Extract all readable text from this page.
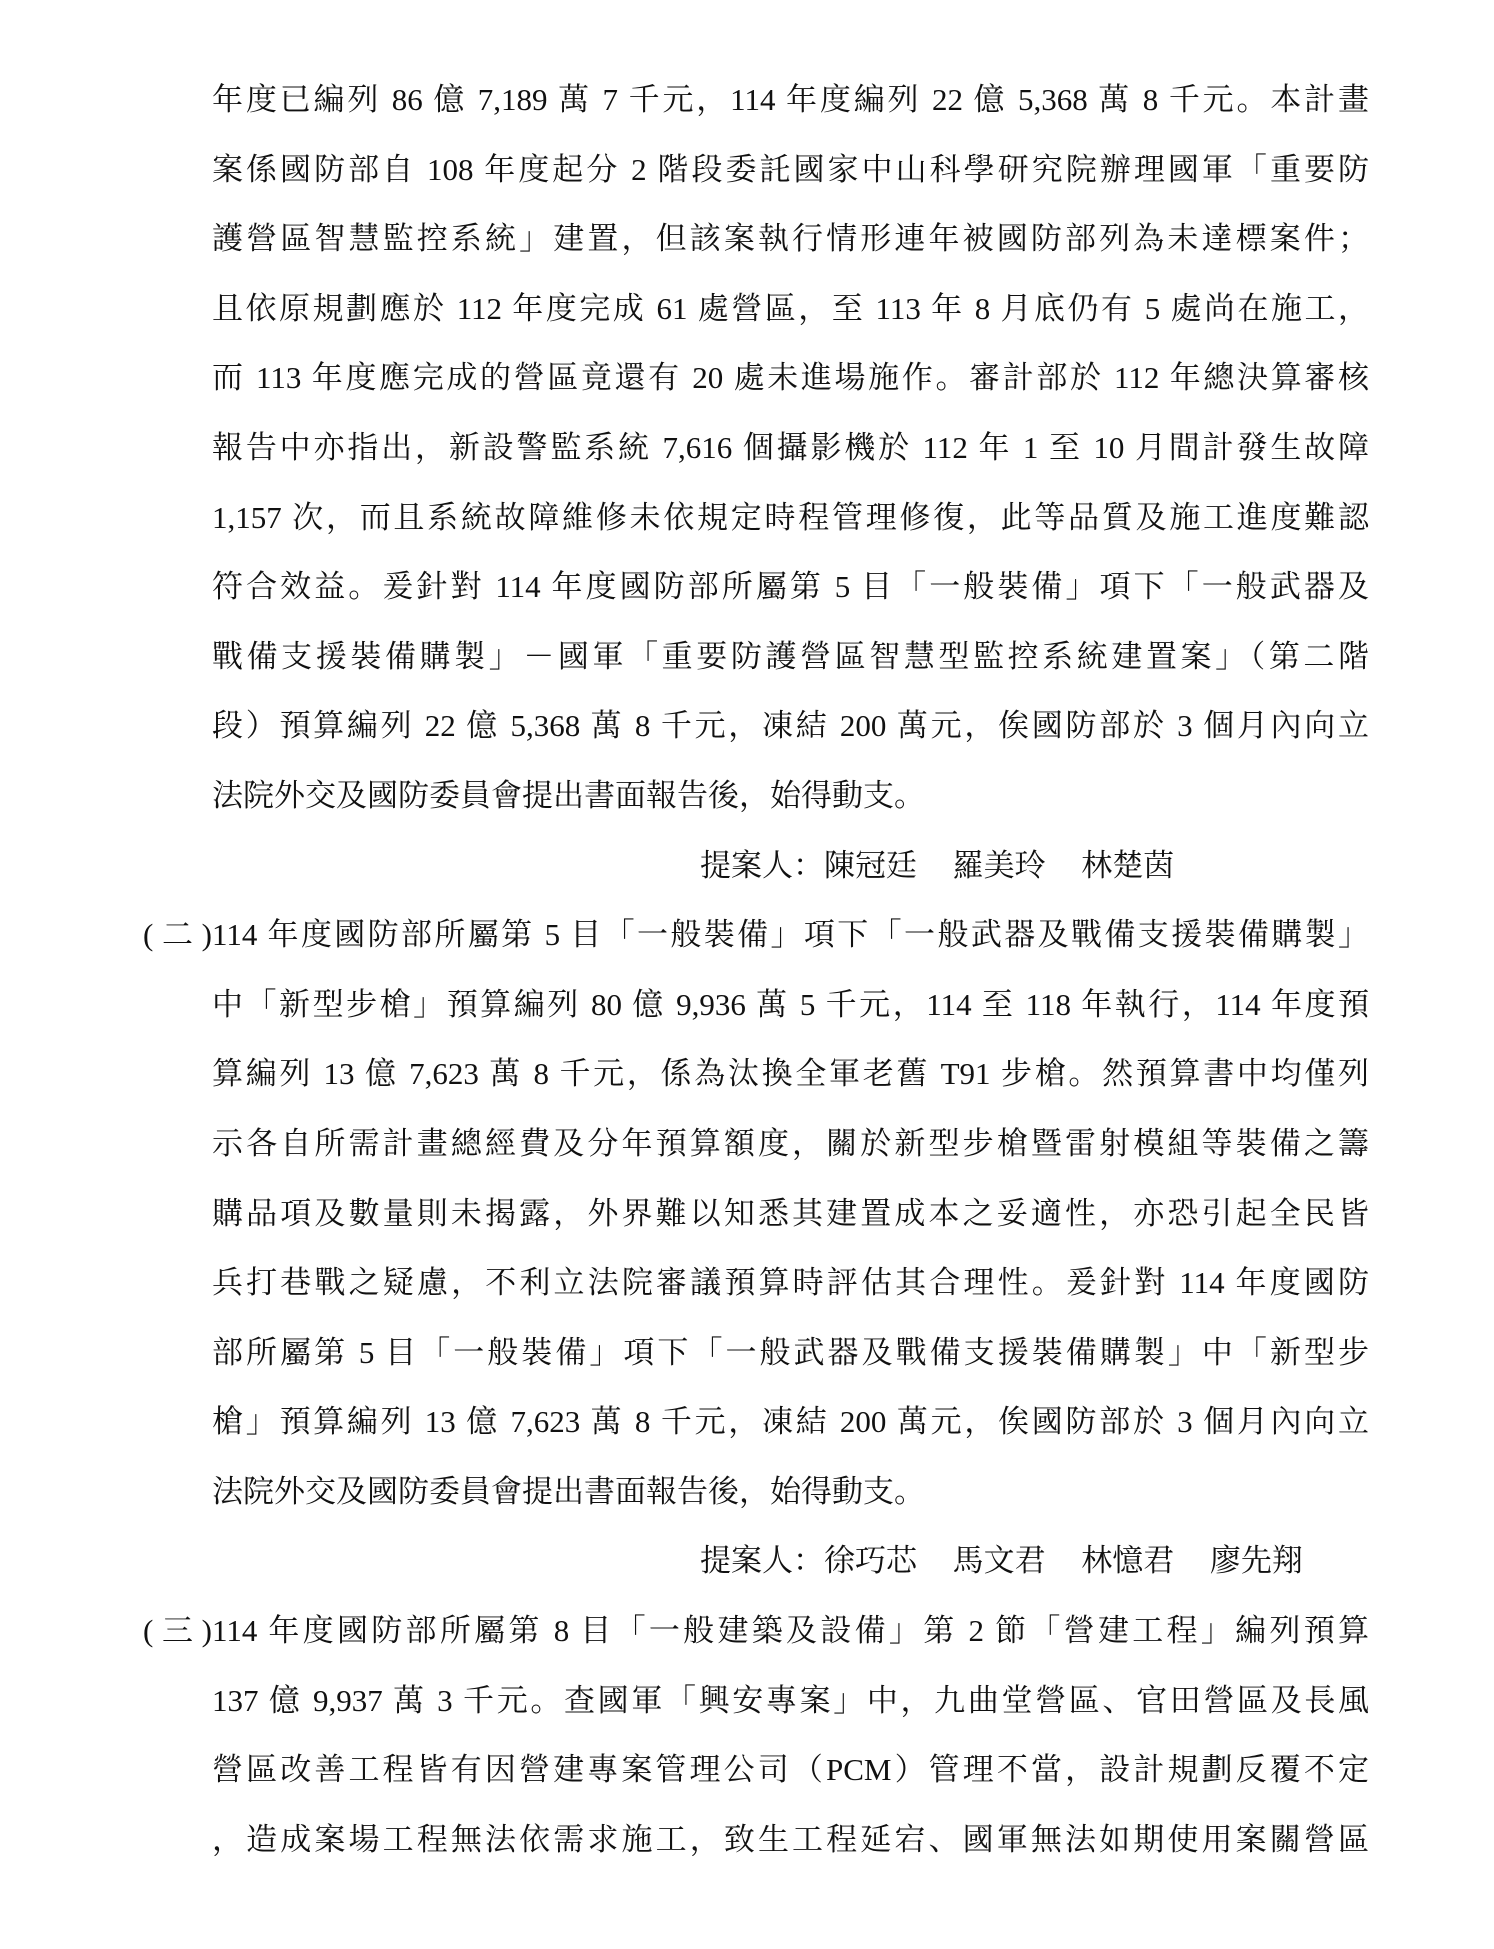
年度已編列 86 億 7,189 萬 7 千元，114 年度編列 22 億 5,368 萬 8 千元。本計畫
案係國防部自 108 年度起分 2 階段委託國家中山科學研究院辦理國軍「重要防
護營區智慧監控系統」建置，但該案執行情形連年被國防部列為未達標案件；
且依原規劃應於 112 年度完成 61 處營區，至 113 年 8 月底仍有 5 處尚在施工，
而 113 年度應完成的營區竟還有 20 處未進場施作。審計部於 112 年總決算審核
報告中亦指出，新設警監系統 7,616 個攝影機於 112 年 1 至 10 月間計發生故障
1,157 次，而且系統故障維修未依規定時程管理修復，此等品質及施工進度難認
符合效益。爰針對 114 年度國防部所屬第 5 目「一般裝備」項下「一般武器及
戰備支援裝備購製」－國軍「重要防護營區智慧型監控系統建置案」（第二階
段）預算編列 22 億 5,368 萬 8 千元，凍結 200 萬元，俟國防部於 3 個月內向立
法院外交及國防委員會提出書面報告後，始得動支。
提案人：陳冠廷 羅美玲 林楚茵
(二) 114 年度國防部所屬第 5 目「一般裝備」項下「一般武器及戰備支援裝備購製」
中「新型步槍」預算編列 80 億 9,936 萬 5 千元，114 至 118 年執行，114 年度預
算編列 13 億 7,623 萬 8 千元，係為汰換全軍老舊 T91 步槍。然預算書中均僅列
示各自所需計畫總經費及分年預算額度，關於新型步槍暨雷射模組等裝備之籌
購品項及數量則未揭露，外界難以知悉其建置成本之妥適性，亦恐引起全民皆
兵打巷戰之疑慮，不利立法院審議預算時評估其合理性。爰針對 114 年度國防
部所屬第 5 目「一般裝備」項下「一般武器及戰備支援裝備購製」中「新型步
槍」預算編列 13 億 7,623 萬 8 千元，凍結 200 萬元，俟國防部於 3 個月內向立
法院外交及國防委員會提出書面報告後，始得動支。
提案人：徐巧芯 馬文君 林憶君 廖先翔
(三) 114 年度國防部所屬第 8 目「一般建築及設備」第 2 節「營建工程」編列預算
137 億 9,937 萬 3 千元。查國軍「興安專案」中，九曲堂營區、官田營區及長風
營區改善工程皆有因營建專案管理公司（PCM）管理不當，設計規劃反覆不定
，造成案場工程無法依需求施工，致生工程延宕、國軍無法如期使用案關營區
